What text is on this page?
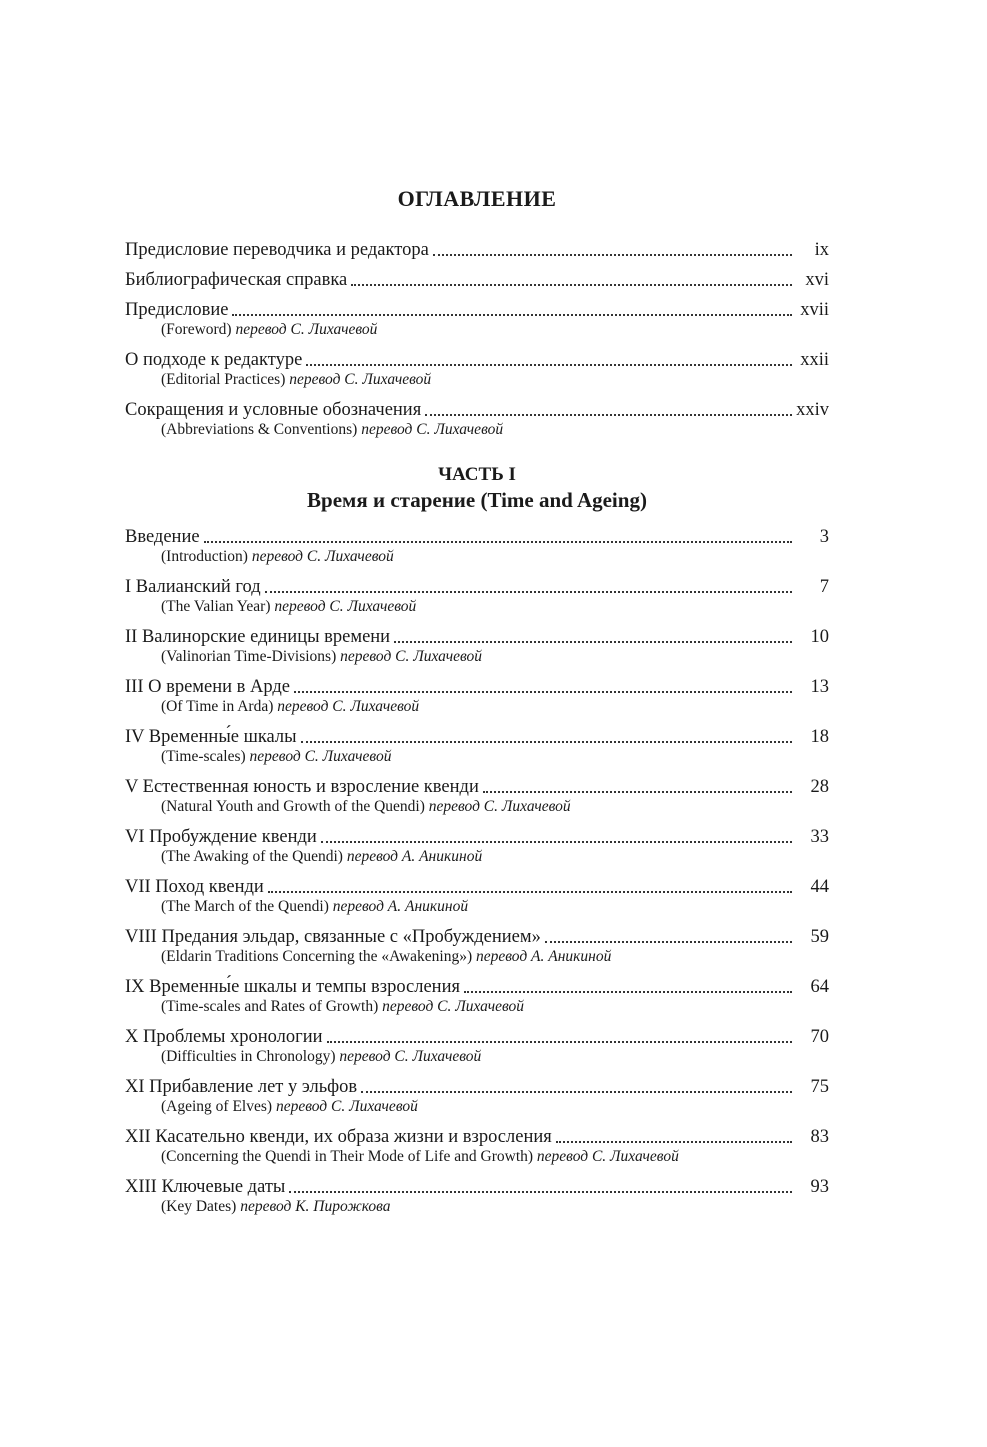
ОГЛАВЛЕНИЕ
Предисловие переводчика и редактора	ix
Библиографическая справка	xvi
Предисловие	xvii
(Foreword) перевод С. Лихачевой
О подходе к редактуре	xxii
(Editorial Practices) перевод С. Лихачевой
Сокращения и условные обозначения	xxiv
(Abbreviations & Conventions) перевод С. Лихачевой
ЧАСТЬ I
Время и старение (Time and Ageing)
Введение	3
(Introduction) перевод С. Лихачевой
I Валианский год	7
(The Valian Year) перевод С. Лихачевой
II Валинорские единицы времени	10
(Valinorian Time-Divisions) перевод С. Лихачевой
III О времени в Арде	13
(Of Time in Arda) перевод С. Лихачевой
IV Временны́е шкалы	18
(Time-scales) перевод С. Лихачевой
V Естественная юность и взросление квенди	28
(Natural Youth and Growth of the Quendi) перевод С. Лихачевой
VI Пробуждение квенди	33
(The Awaking of the Quendi) перевод А. Аникиной
VII Поход квенди	44
(The March of the Quendi) перевод А. Аникиной
VIII Предания эльдар, связанные с «Пробуждением»	59
(Eldarin Traditions Concerning the «Awakening») перевод А. Аникиной
IX Временны́е шкалы и темпы взросления	64
(Time-scales and Rates of Growth) перевод С. Лихачевой
X Проблемы хронологии	70
(Difficulties in Chronology) перевод С. Лихачевой
XI Прибавление лет у эльфов	75
(Ageing of Elves) перевод С. Лихачевой
XII Касательно квенди, их образа жизни и взросления	83
(Concerning the Quendi in Their Mode of Life and Growth) перевод С. Лихачевой
XIII Ключевые даты	93
(Key Dates) перевод К. Пирожкова
